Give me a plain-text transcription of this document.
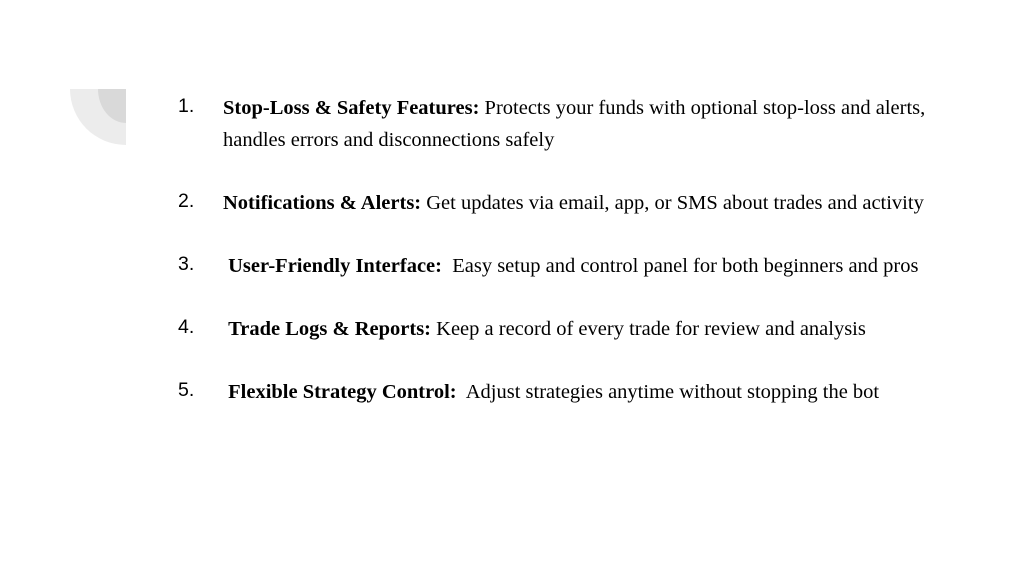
1. Stop-Loss & Safety Features: Protects your funds with optional stop-loss and alerts, handles errors and disconnections safely
2. Notifications & Alerts: Get updates via email, app, or SMS about trades and activity
3. User-Friendly Interface:  Easy setup and control panel for both beginners and pros
4. Trade Logs & Reports: Keep a record of every trade for review and analysis
5. Flexible Strategy Control:  Adjust strategies anytime without stopping the bot
